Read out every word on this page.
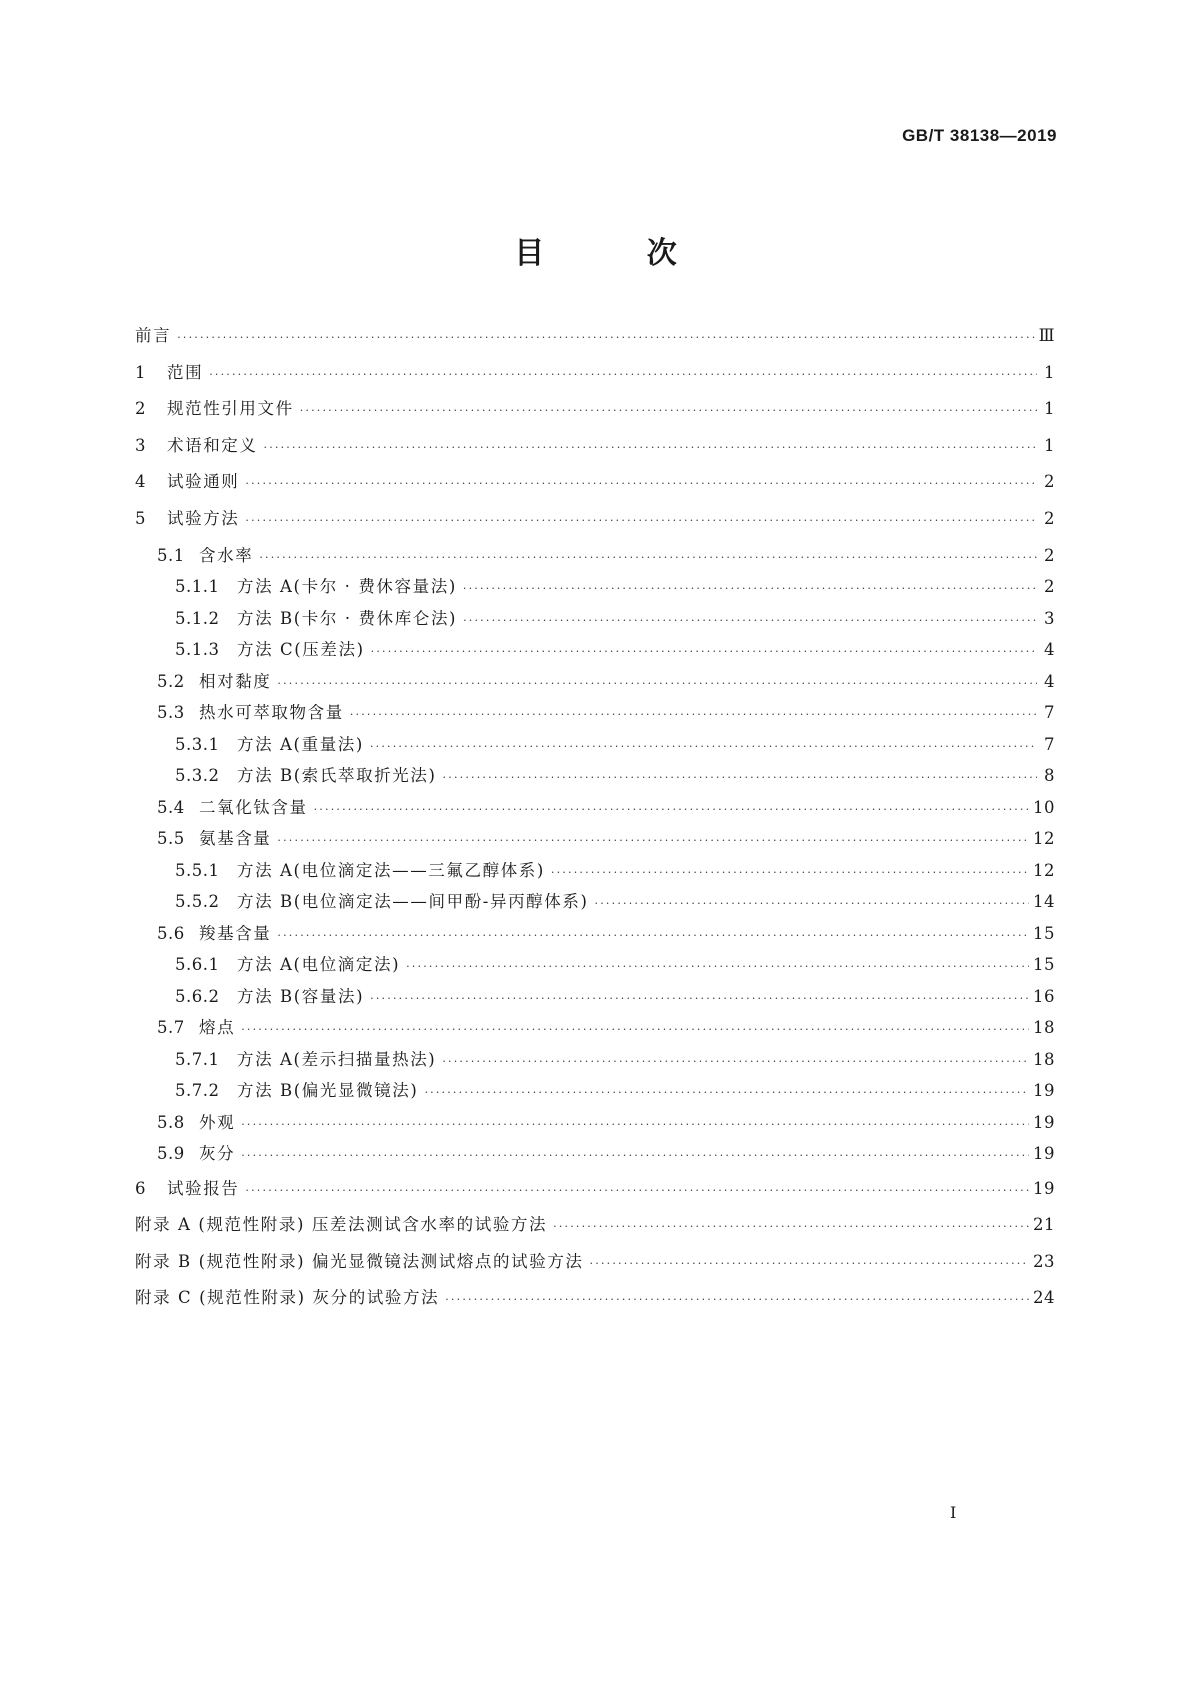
GB/T 38138—2019
目 次
前言 ·····	Ⅲ
1	范围 ·····	1
2	规范性引用文件 ·····	1
3	术语和定义 ·····	1
4	试验通则 ·····	2
5	试验方法 ·····	2
5.1 含水率 ·····	2
5.1.1	方法 A(卡尔 · 费休容量法) ·····	2
5.1.2	方法 B(卡尔 · 费休库仑法) ·····	3
5.1.3	方法 C(压差法) ·····	4
5.2 相对黏度 ·····	4
5.3 热水可萃取物含量 ·····	7
5.3.1	方法 A(重量法) ·····	7
5.3.2	方法 B(索氏萃取折光法) ·····	8
5.4 二氧化钛含量 ·····	10
5.5 氨基含量 ·····	12
5.5.1	方法 A(电位滴定法——三氟乙醇体系) ·····	12
5.5.2	方法 B(电位滴定法——间甲酚-异丙醇体系) ·····	14
5.6 羧基含量 ·····	15
5.6.1	方法 A(电位滴定法) ·····	15
5.6.2	方法 B(容量法) ·····	16
5.7 熔点 ·····	18
5.7.1	方法 A(差示扫描量热法) ·····	18
5.7.2	方法 B(偏光显微镜法) ·····	19
5.8 外观 ·····	19
5.9 灰分 ·····	19
6	试验报告 ·····	19
附录 A (规范性附录) 压差法测试含水率的试验方法 ·····	21
附录 B (规范性附录) 偏光显微镜法测试熔点的试验方法 ·····	23
附录 C (规范性附录) 灰分的试验方法 ·····	24
I
